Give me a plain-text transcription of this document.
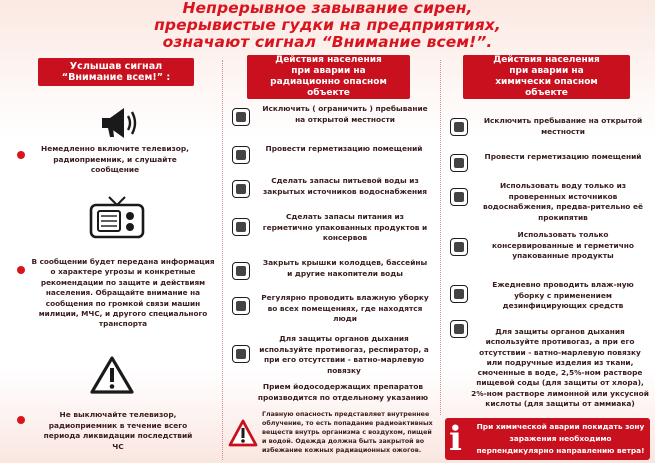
Непрерывное завывание сирен,
прерывистые гудки на предприятиях,
означают сигнал “Внимание всем!”.
Услышав сигнал
“Внимание всем!” :
Немедленно включите телевизор, радиоприемник, и слушайте сообщение
В сообщении будет передана информация о характере угрозы и конкретные рекомендации по защите и действиям населения. Обращайте внимание на сообщения по громкой связи машин милиции, МЧС, и другого специального транспорта
Не выключайте телевизор, радиоприемник в течение всего периода ликвидации последствий ЧС
Действия населения
при аварии на
радиационно опасном
объекте
Исключить ( ограничить ) пребывание на открытой местности
Провести герметизацию помещений
Сделать запасы питьевой воды из закрытых источников водоснабжения
Сделать запасы питания из герметично упакованных продуктов и консервов
Закрыть крышки колодцев, бассейны и другие накопители воды
Регулярно проводить влажную уборку во всех помещениях, где находятся люди
Для защиты органов дыхания используйте противогаз, респиратор, а при его отсутствии - ватно-марлевую повязку
Прием йодосодержащих препаратов производится по отдельному указанию
Главную опасность представляет внутреннее облучение, то есть попадание радиоактивных веществ внутрь организма с воздухом, пищей и водой. Одежда должна быть закрытой во избежание кожных радиационных ожогов.
Действия населения
при аварии на
химически опасном
объекте
Исключить пребывание на открытой местности
Провести герметизацию помещений
Использовать воду только из проверенных источников водоснабжения, предва-рительно её прокипятив
Использовать только консервированные и герметично упакованные продукты
Ежедневно проводить влаж-ную уборку с применением дезинфицирующих средств
Для защиты органов дыхания используйте противогаз, а при его отсутствии - ватно-марлевую повязку или подручные изделия из ткани, смоченные в воде, 2,5%-ном растворе пищевой соды (для защиты от хлора), 2%-ном растворе лимонной или уксусной кислоты (для защиты от аммиака)
i	При химической аварии покидать зону заражения необходимо перпендикулярно направлению ветра!
